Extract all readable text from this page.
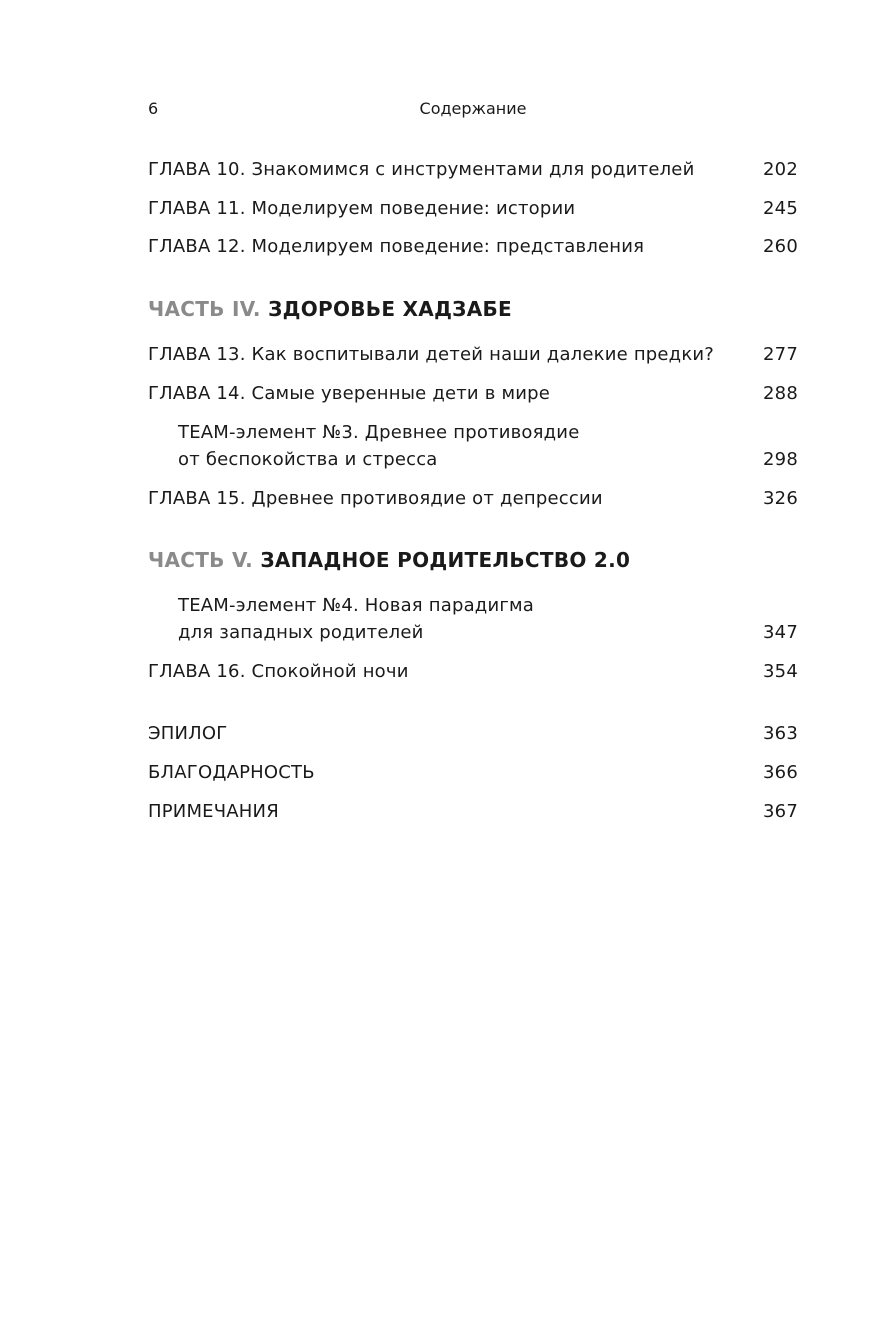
6	Содержание
ГЛАВА 10. Знакомимся с инструментами для родителей	202
ГЛАВА 11. Моделируем поведение: истории	245
ГЛАВА 12. Моделируем поведение: представления	260
ЧАСТЬ IV. ЗДОРОВЬЕ ХАДЗАБЕ
ГЛАВА 13. Как воспитывали детей наши далекие предки?	277
ГЛАВА 14. Самые уверенные дети в мире	288
TEAM-элемент №3. Древнее противоядие
от беспокойства и стресса	298
ГЛАВА 15. Древнее противоядие от депрессии	326
ЧАСТЬ V. ЗАПАДНОЕ РОДИТЕЛЬСТВО 2.0
TEAM-элемент №4. Новая парадигма
для западных родителей	347
ГЛАВА 16. Спокойной ночи	354
ЭПИЛОГ	363
БЛАГОДАРНОСТЬ	366
ПРИМЕЧАНИЯ	367
